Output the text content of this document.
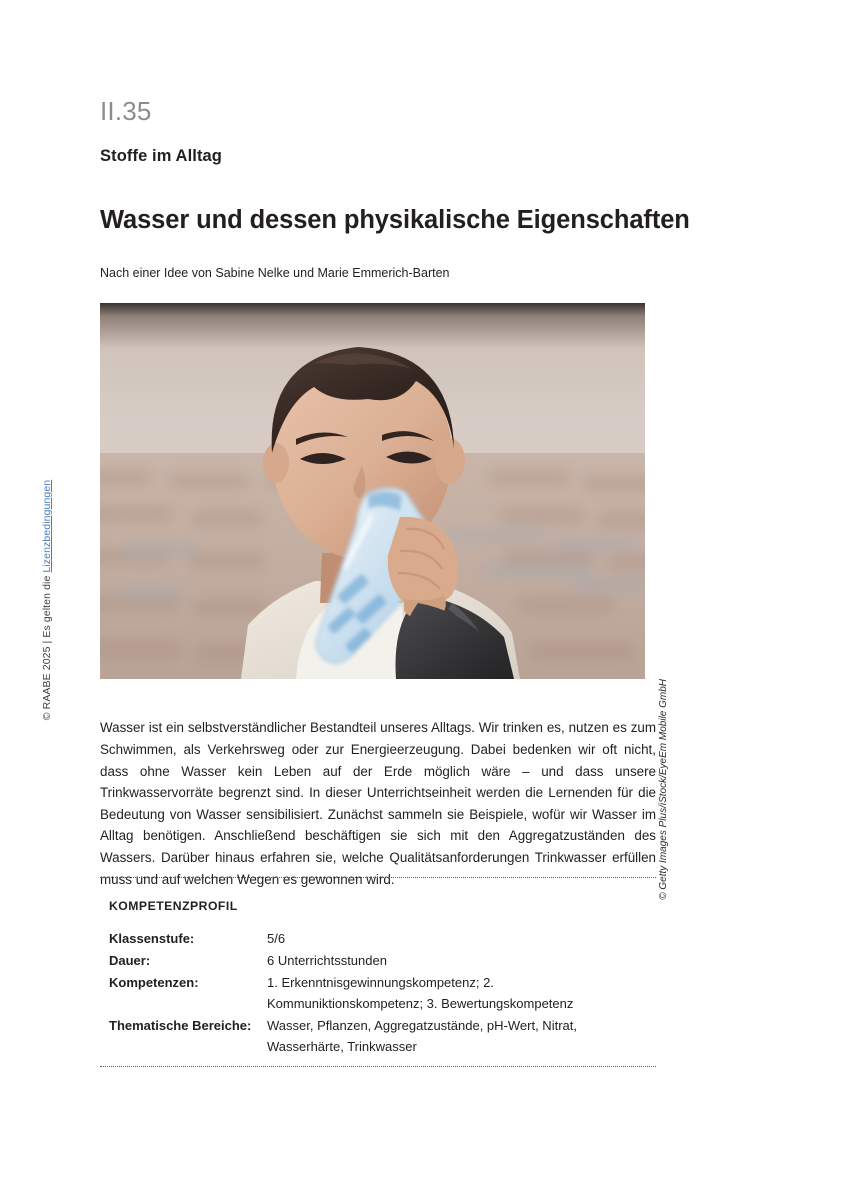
© RAABE 2025 | Es gelten die Lizenzbedingungen
II.35
Stoffe im Alltag
Wasser und dessen physikalische Eigenschaften
Nach einer Idee von Sabine Nelke und Marie Emmerich-Barten
© Getty Images Plus/iStock/EyeEm Mobile GmbH

Wasser ist ein selbstverständlicher Bestandteil unseres Alltags. Wir trinken es, nutzen es zum Schwimmen, als Verkehrsweg oder zur Energieerzeugung. Dabei bedenken wir oft nicht, dass ohne Wasser kein Leben auf der Erde möglich wäre – und dass unsere Trinkwasservorräte begrenzt sind. In dieser Unterrichtseinheit werden die Lernenden für die Bedeutung von Wasser sensibilisiert. Zunächst sammeln sie Beispiele, wofür wir Wasser im Alltag benötigen. Anschließend beschäftigen sie sich mit den Aggregatzuständen des Wassers. Darüber hinaus erfahren sie, welche Qualitätsanforderungen Trinkwasser erfüllen muss und auf welchen Wegen es gewonnen wird.

KOMPETENZPROFIL
Klassenstufe:	5/6
Dauer:	6 Unterrichtsstunden
Kompetenzen:	1. Erkenntnisgewinnungskompetenz; 2. Kommuniktionskompetenz; 3. Bewertungskompetenz
Thematische Bereiche:	Wasser, Pflanzen, Aggregatzustände, pH-Wert, Nitrat, Wasserhärte, Trinkwasser
